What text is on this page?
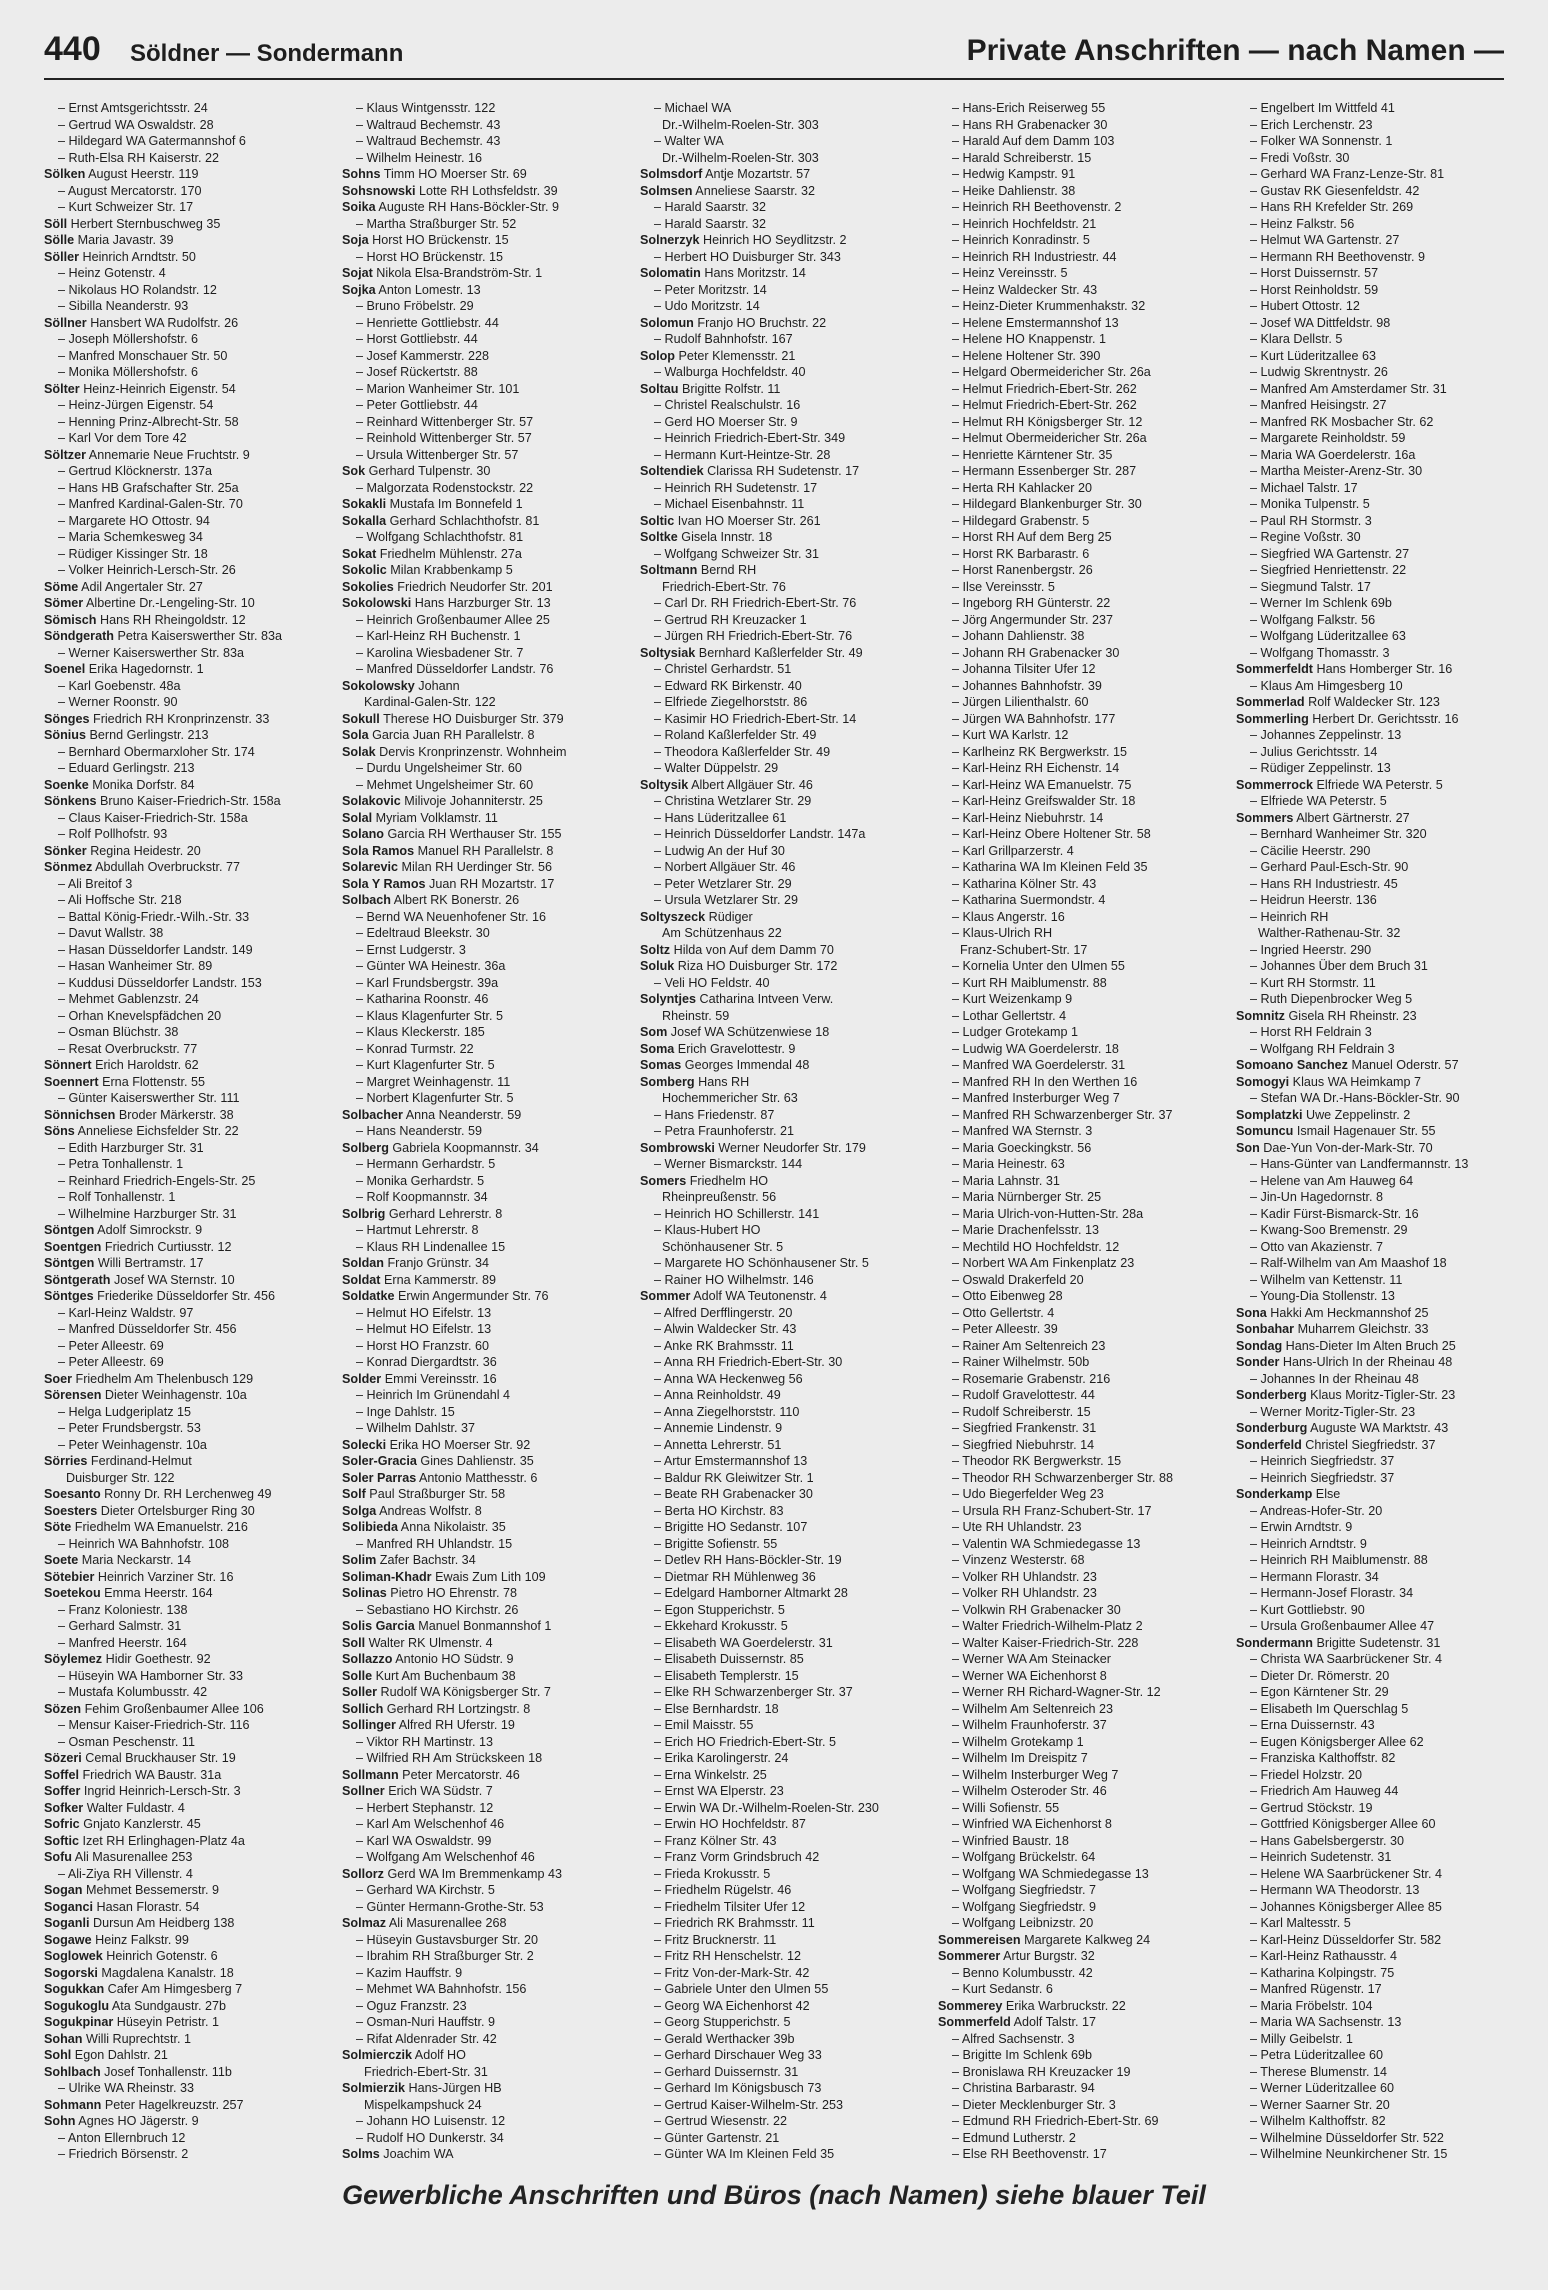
440 Söldner — Sondermann	Private Anschriften — nach Namen —
– Ernst Amtsgerichtsstr. 24
– Gertrud WA Oswaldstr. 28
– Hildegard WA Gatermannshof 6
– Ruth-Elsa RH Kaiserstr. 22
Sölken August Heerstr. 119
– August Mercatorstr. 170
– Kurt Schweizer Str. 17
Söll Herbert Sternbuschweg 35
Sölle Maria Javastr. 39
Söller Heinrich Arndtstr. 50
– Heinz Gotenstr. 4
– Nikolaus HO Rolandstr. 12
– Sibilla Neanderstr. 93
Söllner Hansbert WA Rudolfstr. 26
– Joseph Möllershofstr. 6
– Manfred Monschauer Str. 50
– Monika Möllershofstr. 6
Sölter Heinz-Heinrich Eigenstr. 54
– Heinz-Jürgen Eigenstr. 54
– Henning Prinz-Albrecht-Str. 58
– Karl Vor dem Tore 42
Söltzer Annemarie Neue Fruchtstr. 9
– Gertrud Klöcknerstr. 137a
– Hans HB Grafschafter Str. 25a
– Manfred Kardinal-Galen-Str. 70
– Margarete HO Ottostr. 94
– Maria Schemkesweg 34
– Rüdiger Kissinger Str. 18
– Volker Heinrich-Lersch-Str. 26
Söme Adil Angertaler Str. 27
Sömer Albertine Dr.-Lengeling-Str. 10
Sömisch Hans RH Rheingoldstr. 12
Söndgerath Petra Kaiserswerther Str. 83a
– Werner Kaiserswerther Str. 83a
Soenel Erika Hagedornstr. 1
– Karl Goebenstr. 48a
– Werner Roonstr. 90
Sönges Friedrich RH Kronprinzenstr. 33
Sönius Bernd Gerlingstr. 213
– Bernhard Obermarxloher Str. 174
– Eduard Gerlingstr. 213
Soenke Monika Dorfstr. 84
Sönkens Bruno Kaiser-Friedrich-Str. 158a
– Claus Kaiser-Friedrich-Str. 158a
– Rolf Pollhofstr. 93
Sönker Regina Heidestr. 20
Sönmez Abdullah Overbruckstr. 77
– Ali Breitof 3
– Ali Hoffsche Str. 218
– Battal König-Friedr.-Wilh.-Str. 33
– Davut Wallstr. 38
– Hasan Düsseldorfer Landstr. 149
– Hasan Wanheimer Str. 89
– Kuddusi Düsseldorfer Landstr. 153
– Mehmet Gablenzstr. 24
– Orhan Knevelspfädchen 20
– Osman Blüchstr. 38
– Resat Overbruckstr. 77
Sönnert Erich Haroldstr. 62
Soennert Erna Flottenstr. 55
– Günter Kaiserswerther Str. 111
Sönnichsen Broder Märkerstr. 38
Söns Anneliese Eichsfelder Str. 22
– Edith Harzburger Str. 31
– Petra Tonhallenstr. 1
– Reinhard Friedrich-Engels-Str. 25
– Rolf Tonhallenstr. 1
– Wilhelmine Harzburger Str. 31
Söntgen Adolf Simrockstr. 9
Soentgen Friedrich Curtiusstr. 12
Söntgen Willi Bertramstr. 17
Söntgerath Josef WA Sternstr. 10
Söntges Friederike Düsseldorfer Str. 456
– Karl-Heinz Waldstr. 97
– Manfred Düsseldorfer Str. 456
– Peter Alleestr. 69
– Peter Alleestr. 69
Soer Friedhelm Am Thelenbusch 129
Sörensen Dieter Weinhagenstr. 10a
– Helga Ludgeriplatz 15
– Peter Frundsbergstr. 53
– Peter Weinhagenstr. 10a
Sörries Ferdinand-Helmut
Duisburger Str. 122
Soesanto Ronny Dr. RH Lerchenweg 49
Soesters Dieter Ortelsburger Ring 30
Söte Friedhelm WA Emanuelstr. 216
– Heinrich WA Bahnhofstr. 108
Soete Maria Neckarstr. 14
Sötebier Heinrich Varziner Str. 16
Soetekou Emma Heerstr. 164
– Franz Koloniestr. 138
– Gerhard Salmstr. 31
– Manfred Heerstr. 164
Söylemez Hidir Goethestr. 92
– Hüseyin WA Hamborner Str. 33
– Mustafa Kolumbusstr. 42
Sözen Fehim Großenbaumer Allee 106
– Mensur Kaiser-Friedrich-Str. 116
– Osman Peschenstr. 11
Sözeri Cemal Bruckhauser Str. 19
Soffel Friedrich WA Baustr. 31a
Soffer Ingrid Heinrich-Lersch-Str. 3
Sofker Walter Fuldastr. 4
Sofric Gnjato Kanzlerstr. 45
Softic Izet RH Erlinghagen-Platz 4a
Sofu Ali Masurenallee 253
– Ali-Ziya RH Villenstr. 4
Sogan Mehmet Bessemerstr. 9
Soganci Hasan Florastr. 54
Soganli Dursun Am Heidberg 138
Sogawe Heinz Falkstr. 99
Soglowek Heinrich Gotenstr. 6
Sogorski Magdalena Kanalstr. 18
Sogukkan Cafer Am Himgesberg 7
Sogukoglu Ata Sundgaustr. 27b
Sogukpinar Hüseyin Petristr. 1
Sohan Willi Ruprechtstr. 1
Sohl Egon Dahlstr. 21
Sohlbach Josef Tonhallenstr. 11b
– Ulrike WA Rheinstr. 33
Sohmann Peter Hagelkreuzstr. 257
Sohn Agnes HO Jägerstr. 9
– Anton Ellernbruch 12
– Friedrich Börsenstr. 2
– Klaus Wintgensstr. 122
– Waltraud Bechemstr. 43
– Waltraud Bechemstr. 43
– Wilhelm Heinestr. 16
Sohns Timm HO Moerser Str. 69
Sohsnowski Lotte RH Lothsfeldstr. 39
Soika Auguste RH Hans-Böckler-Str. 9
– Martha Straßburger Str. 52
Soja Horst HO Brückenstr. 15
– Horst HO Brückenstr. 15
Sojat Nikola Elsa-Brandström-Str. 1
Sojka Anton Lomestr. 13
– Bruno Fröbelstr. 29
– Henriette Gottliebstr. 44
– Horst Gottliebstr. 44
– Josef Kammerstr. 228
– Josef Rückertstr. 88
– Marion Wanheimer Str. 101
– Peter Gottliebstr. 44
– Reinhard Wittenberger Str. 57
– Reinhold Wittenberger Str. 57
– Ursula Wittenberger Str. 57
Sok Gerhard Tulpenstr. 30
– Malgorzata Rodenstockstr. 22
Sokakli Mustafa Im Bonnefeld 1
Sokalla Gerhard Schlachthofstr. 81
– Wolfgang Schlachthofstr. 81
Sokat Friedhelm Mühlenstr. 27a
Sokolic Milan Krabbenkamp 5
Sokolies Friedrich Neudorfer Str. 201
Sokolowski Hans Harzburger Str. 13
– Heinrich Großenbaumer Allee 25
– Karl-Heinz RH Buchenstr. 1
– Karolina Wiesbadener Str. 7
– Manfred Düsseldorfer Landstr. 76
Sokolowsky Johann
Kardinal-Galen-Str. 122
Sokull Therese HO Duisburger Str. 379
Sola Garcia Juan RH Parallelstr. 8
Solak Dervis Kronprinzenstr. Wohnheim
– Durdu Ungelsheimer Str. 60
– Mehmet Ungelsheimer Str. 60
Solakovic Milivoje Johanniterstr. 25
Solal Myriam Volklamstr. 11
Solano Garcia RH Werthauser Str. 155
Sola Ramos Manuel RH Parallelstr. 8
Solarevic Milan RH Uerdinger Str. 56
Sola Y Ramos Juan RH Mozartstr. 17
Solbach Albert RK Bonerstr. 26
– Bernd WA Neuenhofener Str. 16
– Edeltraud Bleekstr. 30
– Ernst Ludgerstr. 3
– Günter WA Heinestr. 36a
– Karl Frundsbergstr. 39a
– Katharina Roonstr. 46
– Klaus Klagenfurter Str. 5
– Klaus Kleckerstr. 185
– Konrad Turmstr. 22
– Kurt Klagenfurter Str. 5
– Margret Weinhagenstr. 11
– Norbert Klagenfurter Str. 5
Solbacher Anna Neanderstr. 59
– Hans Neanderstr. 59
Solberg Gabriela Koopmannstr. 34
– Hermann Gerhardstr. 5
– Monika Gerhardstr. 5
– Rolf Koopmannstr. 34
Solbrig Gerhard Lehrerstr. 8
– Hartmut Lehrerstr. 8
– Klaus RH Lindenallee 15
Soldan Franjo Grünstr. 34
Soldat Erna Kammerstr. 89
Soldatke Erwin Angermunder Str. 76
– Helmut HO Eifelstr. 13
– Helmut HO Eifelstr. 13
– Horst HO Franzstr. 60
– Konrad Diergardtstr. 36
Solder Emmi Vereinsstr. 16
– Heinrich Im Grünendahl 4
– Inge Dahlstr. 15
– Wilhelm Dahlstr. 37
Solecki Erika HO Moerser Str. 92
Soler-Gracia Gines Dahlienstr. 35
Soler Parras Antonio Matthesstr. 6
Solf Paul Straßburger Str. 58
Solga Andreas Wolfstr. 8
Solibieda Anna Nikolaistr. 35
– Manfred RH Uhlandstr. 15
Solim Zafer Bachstr. 34
Soliman-Khadr Ewais Zum Lith 109
Solinas Pietro HO Ehrenstr. 78
– Sebastiano HO Kirchstr. 26
Solis Garcia Manuel Bonmannshof 1
Soll Walter RK Ulmenstr. 4
Sollazzo Antonio HO Südstr. 9
Solle Kurt Am Buchenbaum 38
Soller Rudolf WA Königsberger Str. 7
Sollich Gerhard RH Lortzingstr. 8
Sollinger Alfred RH Uferstr. 19
– Viktor RH Martinstr. 13
– Wilfried RH Am Strückskeen 18
Sollmann Peter Mercatorstr. 46
Sollner Erich WA Südstr. 7
– Herbert Stephanstr. 12
– Karl Am Welschenhof 46
– Karl WA Oswaldstr. 99
– Wolfgang Am Welschenhof 46
Sollorz Gerd WA Im Bremmenkamp 43
– Gerhard WA Kirchstr. 5
– Günter Hermann-Grothe-Str. 53
Solmaz Ali Masurenallee 268
– Hüseyin Gustavsburger Str. 20
– Ibrahim RH Straßburger Str. 2
– Kazim Hauffstr. 9
– Mehmet WA Bahnhofstr. 156
– Oguz Franzstr. 23
– Osman-Nuri Hauffstr. 9
– Rifat Aldenrader Str. 42
Solmierczik Adolf HO
Friedrich-Ebert-Str. 31
Solmierzik Hans-Jürgen HB
Mispelkampshuck 24
– Johann HO Luisenstr. 12
– Rudolf HO Dunkerstr. 34
Solms Joachim WA
– Michael WA
Dr.-Wilhelm-Roelen-Str. 303
– Walter WA
Dr.-Wilhelm-Roelen-Str. 303
Solmsdorf Antje Mozartstr. 57
Solmsen Anneliese Saarstr. 32
– Harald Saarstr. 32
– Harald Saarstr. 32
Solnerzyk Heinrich HO Seydlitzstr. 2
– Herbert HO Duisburger Str. 343
Solomatin Hans Moritzstr. 14
– Peter Moritzstr. 14
– Udo Moritzstr. 14
Solomun Franjo HO Bruchstr. 22
– Rudolf Bahnhofstr. 167
Solop Peter Klemensstr. 21
– Walburga Hochfeldstr. 40
Soltau Brigitte Rolfstr. 11
– Christel Realschulstr. 16
– Gerd HO Moerser Str. 9
– Heinrich Friedrich-Ebert-Str. 349
– Hermann Kurt-Heintze-Str. 28
Soltendiek Clarissa RH Sudetenstr. 17
– Heinrich RH Sudetenstr. 17
– Michael Eisenbahnstr. 11
Soltic Ivan HO Moerser Str. 261
Soltke Gisela Innstr. 18
– Wolfgang Schweizer Str. 31
Soltmann Bernd RH
Friedrich-Ebert-Str. 76
– Carl Dr. RH Friedrich-Ebert-Str. 76
– Gertrud RH Kreuzacker 1
– Jürgen RH Friedrich-Ebert-Str. 76
Soltysiak Bernhard Kaßlerfelder Str. 49
– Christel Gerhardstr. 51
– Edward RK Birkenstr. 40
– Elfriede Ziegelhorststr. 86
– Kasimir HO Friedrich-Ebert-Str. 14
– Roland Kaßlerfelder Str. 49
– Theodora Kaßlerfelder Str. 49
– Walter Düppelstr. 29
Soltysik Albert Allgäuer Str. 46
– Christina Wetzlarer Str. 29
– Hans Lüderitzallee 61
– Heinrich Düsseldorfer Landstr. 147a
– Ludwig An der Huf 30
– Norbert Allgäuer Str. 46
– Peter Wetzlarer Str. 29
– Ursula Wetzlarer Str. 29
Soltyszeck Rüdiger
Am Schützenhaus 22
Soltz Hilda von Auf dem Damm 70
Soluk Riza HO Duisburger Str. 172
– Veli HO Feldstr. 40
Solyntjes Catharina Intveen Verw.
Rheinstr. 59
Som Josef WA Schützenwiese 18
Soma Erich Gravelottestr. 9
Somas Georges Immendal 48
Somberg Hans RH
Hochemmericher Str. 63
– Hans Friedenstr. 87
– Petra Fraunhoferstr. 21
Sombrowski Werner Neudorfer Str. 179
– Werner Bismarckstr. 144
Somers Friedhelm HO
Rheinpreußenstr. 56
– Heinrich HO Schillerstr. 141
– Klaus-Hubert HO
Schönhausener Str. 5
– Margarete HO Schönhausener Str. 5
– Rainer HO Wilhelmstr. 146
Sommer Adolf WA Teutonenstr. 4
– Alfred Derfflingerstr. 20
– Alwin Waldecker Str. 43
– Anke RK Brahmsstr. 11
– Anna RH Friedrich-Ebert-Str. 30
– Anna WA Heckenweg 56
– Anna Reinholdstr. 49
– Anna Ziegelhorststr. 110
– Annemie Lindenstr. 9
– Annetta Lehrerstr. 51
– Artur Emstermannshof 13
– Baldur RK Gleiwitzer Str. 1
– Beate RH Grabenacker 30
– Berta HO Kirchstr. 83
– Brigitte HO Sedanstr. 107
– Brigitte Sofienstr. 55
– Detlev RH Hans-Böckler-Str. 19
– Dietmar RH Mühlenweg 36
– Edelgard Hamborner Altmarkt 28
– Egon Stupperichstr. 5
– Ekkehard Krokusstr. 5
– Elisabeth WA Goerdelerstr. 31
– Elisabeth Duissernstr. 85
– Elisabeth Templerstr. 15
– Elke RH Schwarzenberger Str. 37
– Else Bernhardstr. 18
– Emil Maisstr. 55
– Erich HO Friedrich-Ebert-Str. 5
– Erika Karolingerstr. 24
– Erna Winkelstr. 25
– Ernst WA Elperstr. 23
– Erwin WA Dr.-Wilhelm-Roelen-Str. 230
– Erwin HO Hochfeldstr. 87
– Franz Kölner Str. 43
– Franz Vorm Grindsbruch 42
– Frieda Krokusstr. 5
– Friedhelm Rügelstr. 46
– Friedhelm Tilsiter Ufer 12
– Friedrich RK Brahmsstr. 11
– Fritz Brucknerstr. 11
– Fritz RH Henschelstr. 12
– Fritz Von-der-Mark-Str. 42
– Gabriele Unter den Ulmen 55
– Georg WA Eichenhorst 42
– Georg Stupperichstr. 5
– Gerald Werthacker 39b
– Gerhard Dirschauer Weg 33
– Gerhard Duissernstr. 31
– Gerhard Im Königsbusch 73
– Gertrud Kaiser-Wilhelm-Str. 253
– Gertrud Wiesenstr. 22
– Günter Gartenstr. 21
– Günter WA Im Kleinen Feld 35
– Hans-Erich Reiserweg 55
– Hans RH Grabenacker 30
– Harald Auf dem Damm 103
– Harald Schreiberstr. 15
– Hedwig Kampstr. 91
– Heike Dahlienstr. 38
– Heinrich RH Beethovenstr. 2
– Heinrich Hochfeldstr. 21
– Heinrich Konradinstr. 5
– Heinrich RH Industriestr. 44
– Heinz Vereinsstr. 5
– Heinz Waldecker Str. 43
– Heinz-Dieter Krummenhakstr. 32
– Helene Emstermannshof 13
– Helene HO Knappenstr. 1
– Helene Holtener Str. 390
– Helgard Obermeidericher Str. 26a
– Helmut Friedrich-Ebert-Str. 262
– Helmut Friedrich-Ebert-Str. 262
– Helmut RH Königsberger Str. 12
– Helmut Obermeidericher Str. 26a
– Henriette Kärntener Str. 35
– Hermann Essenberger Str. 287
– Herta RH Kahlacker 20
– Hildegard Blankenburger Str. 30
– Hildegard Grabenstr. 5
– Horst RH Auf dem Berg 25
– Horst RK Barbarastr. 6
– Horst Ranenbergstr. 26
– Ilse Vereinsstr. 5
– Ingeborg RH Günterstr. 22
– Jörg Angermunder Str. 237
– Johann Dahlienstr. 38
– Johann RH Grabenacker 30
– Johanna Tilsiter Ufer 12
– Johannes Bahnhofstr. 39
– Jürgen Lilienthalstr. 60
– Jürgen WA Bahnhofstr. 177
– Kurt WA Karlstr. 12
– Karlheinz RK Bergwerkstr. 15
– Karl-Heinz RH Eichenstr. 14
– Karl-Heinz WA Emanuelstr. 75
– Karl-Heinz Greifswalder Str. 18
– Karl-Heinz Niebuhrstr. 14
– Karl-Heinz Obere Holtener Str. 58
– Karl Grillparzerstr. 4
– Katharina WA Im Kleinen Feld 35
– Katharina Kölner Str. 43
– Katharina Suermondstr. 4
– Klaus Angerstr. 16
– Klaus-Ulrich RH
Franz-Schubert-Str. 17
– Kornelia Unter den Ulmen 55
– Kurt RH Maiblumenstr. 88
– Kurt Weizenkamp 9
– Lothar Gellertstr. 4
– Ludger Grotekamp 1
– Ludwig WA Goerdelerstr. 18
– Manfred WA Goerdelerstr. 31
– Manfred RH In den Werthen 16
– Manfred Insterburger Weg 7
– Manfred RH Schwarzenberger Str. 37
– Manfred WA Sternstr. 3
– Maria Goeckingkstr. 56
– Maria Heinestr. 63
– Maria Lahnstr. 31
– Maria Nürnberger Str. 25
– Maria Ulrich-von-Hutten-Str. 28a
– Marie Drachenfelsstr. 13
– Mechtild HO Hochfeldstr. 12
– Norbert WA Am Finkenplatz 23
– Oswald Drakerfeld 20
– Otto Eibenweg 28
– Otto Gellertstr. 4
– Peter Alleestr. 39
– Rainer Am Seltenreich 23
– Rainer Wilhelmstr. 50b
– Rosemarie Grabenstr. 216
– Rudolf Gravelottestr. 44
– Rudolf Schreiberstr. 15
– Siegfried Frankenstr. 31
– Siegfried Niebuhrstr. 14
– Theodor RK Bergwerkstr. 15
– Theodor RH Schwarzenberger Str. 88
– Udo Biegerfelder Weg 23
– Ursula RH Franz-Schubert-Str. 17
– Ute RH Uhlandstr. 23
– Valentin WA Schmiedegasse 13
– Vinzenz Westerstr. 68
– Volker RH Uhlandstr. 23
– Volker RH Uhlandstr. 23
– Volkwin RH Grabenacker 30
– Walter Friedrich-Wilhelm-Platz 2
– Walter Kaiser-Friedrich-Str. 228
– Werner WA Am Steinacker
– Werner WA Eichenhorst 8
– Werner RH Richard-Wagner-Str. 12
– Wilhelm Am Seltenreich 23
– Wilhelm Fraunhoferstr. 37
– Wilhelm Grotekamp 1
– Wilhelm Im Dreispitz 7
– Wilhelm Insterburger Weg 7
– Wilhelm Osteroder Str. 46
– Willi Sofienstr. 55
– Winfried WA Eichenhorst 8
– Winfried Baustr. 18
– Wolfgang Brückelstr. 64
– Wolfgang WA Schmiedegasse 13
– Wolfgang Siegfriedstr. 7
– Wolfgang Siegfriedstr. 9
– Wolfgang Leibnizstr. 20
Sommereisen Margarete Kalkweg 24
Sommerer Artur Burgstr. 32
– Benno Kolumbusstr. 42
– Kurt Sedanstr. 6
Sommerey Erika Warbruckstr. 22
Sommerfeld Adolf Talstr. 17
– Alfred Sachsenstr. 3
– Brigitte Im Schlenk 69b
– Bronislawa RH Kreuzacker 19
– Christina Barbarastr. 94
– Dieter Mecklenburger Str. 3
– Edmund RH Friedrich-Ebert-Str. 69
– Edmund Lutherstr. 2
– Else RH Beethovenstr. 17
– Engelbert Im Wittfeld 41
– Erich Lerchenstr. 23
– Folker WA Sonnenstr. 1
– Fredi Voßstr. 30
– Gerhard WA Franz-Lenze-Str. 81
– Gustav RK Giesenfeldstr. 42
– Hans RH Krefelder Str. 269
– Heinz Falkstr. 56
– Helmut WA Gartenstr. 27
– Hermann RH Beethovenstr. 9
– Horst Duissernstr. 57
– Horst Reinholdstr. 59
– Hubert Ottostr. 12
– Josef WA Dittfeldstr. 98
– Klara Dellstr. 5
– Kurt Lüderitzallee 63
– Ludwig Skrentnystr. 26
– Manfred Am Amsterdamer Str. 31
– Manfred Heisingstr. 27
– Manfred RK Mosbacher Str. 62
– Margarete Reinholdstr. 59
– Maria WA Goerdelerstr. 16a
– Martha Meister-Arenz-Str. 30
– Michael Talstr. 17
– Monika Tulpenstr. 5
– Paul RH Stormstr. 3
– Regine Voßstr. 30
– Siegfried WA Gartenstr. 27
– Siegfried Henriettenstr. 22
– Siegmund Talstr. 17
– Werner Im Schlenk 69b
– Wolfgang Falkstr. 56
– Wolfgang Lüderitzallee 63
– Wolfgang Thomasstr. 3
Sommerfeldt Hans Homberger Str. 16
– Klaus Am Himgesberg 10
Sommerlad Rolf Waldecker Str. 123
Sommerling Herbert Dr. Gerichtsstr. 16
– Johannes Zeppelinstr. 13
– Julius Gerichtsstr. 14
– Rüdiger Zeppelinstr. 13
Sommerrock Elfriede WA Peterstr. 5
– Elfriede WA Peterstr. 5
Sommers Albert Gärtnerstr. 27
– Bernhard Wanheimer Str. 320
– Cäcilie Heerstr. 290
– Gerhard Paul-Esch-Str. 90
– Hans RH Industriestr. 45
– Heidrun Heerstr. 136
– Heinrich RH
Walther-Rathenau-Str. 32
– Ingried Heerstr. 290
– Johannes Über dem Bruch 31
– Kurt RH Stormstr. 11
– Ruth Diepenbrocker Weg 5
Somnitz Gisela RH Rheinstr. 23
– Horst RH Feldrain 3
– Wolfgang RH Feldrain 3
Somoano Sanchez Manuel Oderstr. 57
Somogyi Klaus WA Heimkamp 7
– Stefan WA Dr.-Hans-Böckler-Str. 90
Somplatzki Uwe Zeppelinstr. 2
Somuncu Ismail Hagenauer Str. 55
Son Dae-Yun Von-der-Mark-Str. 70
– Hans-Günter van Landfermannstr. 13
– Helene van Am Hauweg 64
– Jin-Un Hagedornstr. 8
– Kadir Fürst-Bismarck-Str. 16
– Kwang-Soo Bremenstr. 29
– Otto van Akazienstr. 7
– Ralf-Wilhelm van Am Maashof 18
– Wilhelm van Kettenstr. 11
– Young-Dia Stollenstr. 13
Sona Hakki Am Heckmannshof 25
Sonbahar Muharrem Gleichstr. 33
Sondag Hans-Dieter Im Alten Bruch 25
Sonder Hans-Ulrich In der Rheinau 48
– Johannes In der Rheinau 48
Sonderberg Klaus Moritz-Tigler-Str. 23
– Werner Moritz-Tigler-Str. 23
Sonderburg Auguste WA Marktstr. 43
Sonderfeld Christel Siegfriedstr. 37
– Heinrich Siegfriedstr. 37
– Heinrich Siegfriedstr. 37
Sonderkamp Else
– Andreas-Hofer-Str. 20
– Erwin Arndtstr. 9
– Heinrich Arndtstr. 9
– Heinrich RH Maiblumenstr. 88
– Hermann Florastr. 34
– Hermann-Josef Florastr. 34
– Kurt Gottliebstr. 90
– Ursula Großenbaumer Allee 47
Sondermann Brigitte Sudetenstr. 31
– Christa WA Saarbrückener Str. 4
– Dieter Dr. Römerstr. 20
– Egon Kärntener Str. 29
– Elisabeth Im Querschlag 5
– Erna Duissernstr. 43
– Eugen Königsberger Allee 62
– Franziska Kalthoffstr. 82
– Friedel Holzstr. 20
– Friedrich Am Hauweg 44
– Gertrud Stöckstr. 19
– Gottfried Königsberger Allee 60
– Hans Gabelsbergerstr. 30
– Heinrich Sudetenstr. 31
– Helene WA Saarbrückener Str. 4
– Hermann WA Theodorstr. 13
– Johannes Königsberger Allee 85
– Karl Maltesstr. 5
– Karl-Heinz Düsseldorfer Str. 582
– Karl-Heinz Rathausstr. 4
– Katharina Kolpingstr. 75
– Manfred Rügenstr. 17
– Maria Fröbelstr. 104
– Maria WA Sachsenstr. 13
– Milly Geibelstr. 1
– Petra Lüderitzallee 60
– Therese Blumenstr. 14
– Werner Lüderitzallee 60
– Werner Saarner Str. 20
– Wilhelm Kalthoffstr. 82
– Wilhelmine Düsseldorfer Str. 522
– Wilhelmine Neunkirchener Str. 15
Gewerbliche Anschriften und Büros (nach Namen) siehe blauer Teil
